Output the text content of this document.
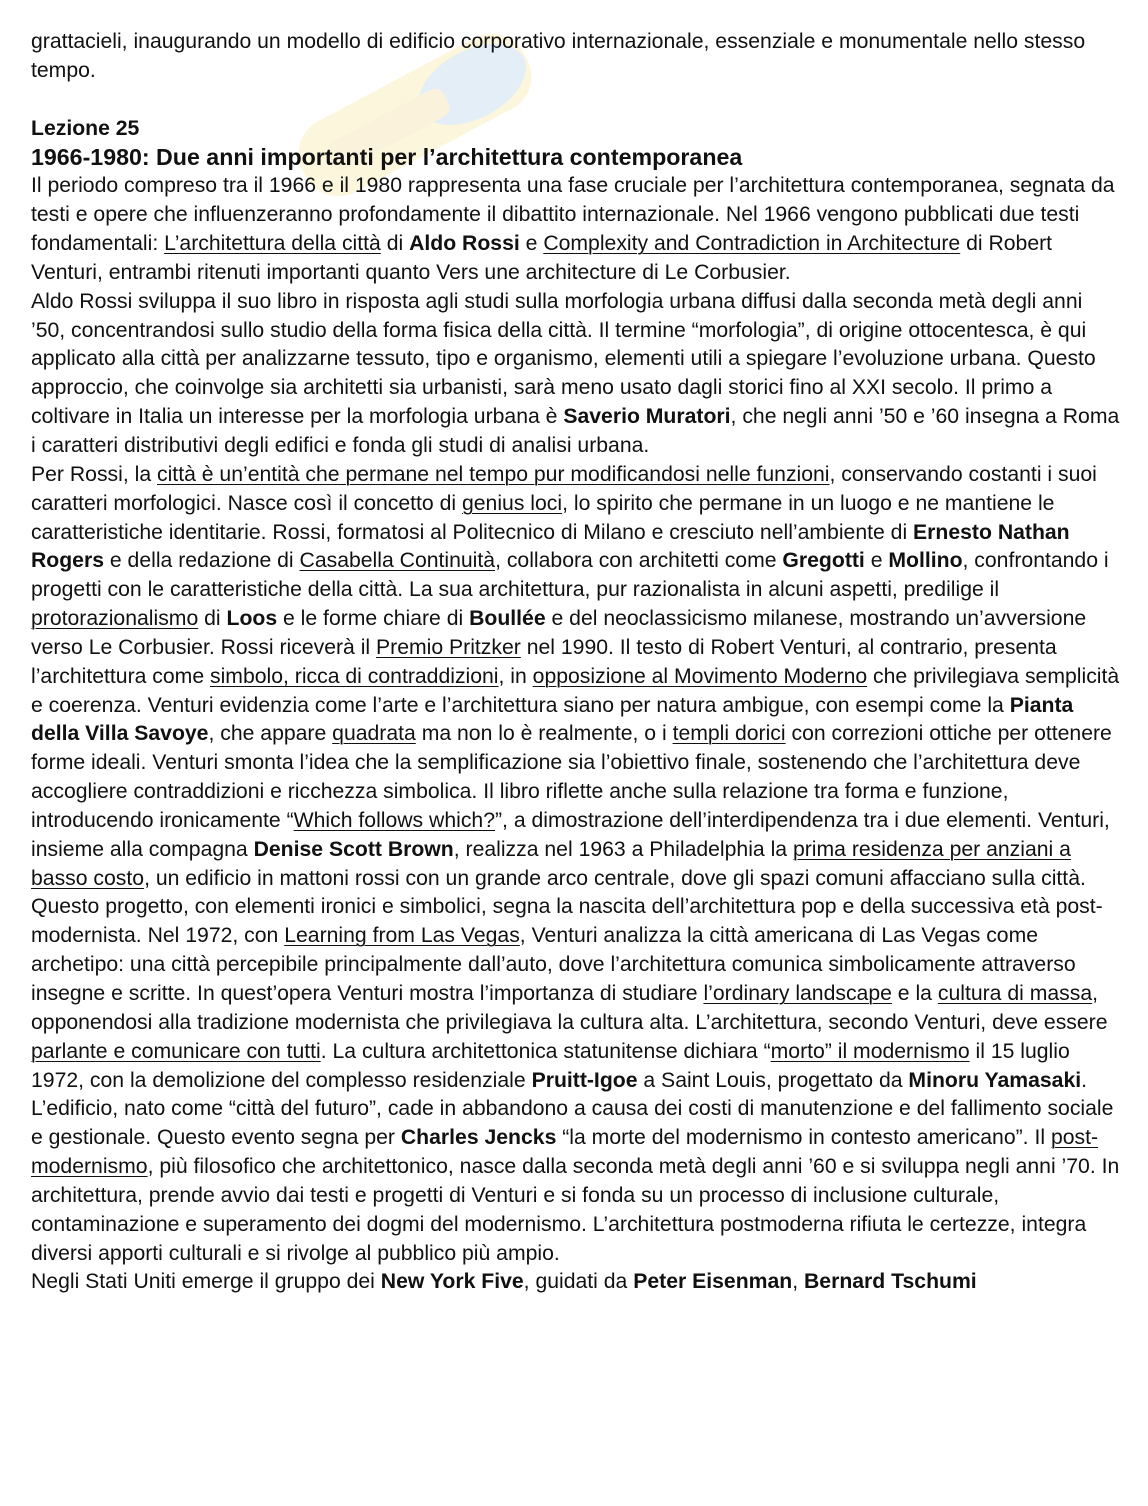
grattacieli, inaugurando un modello di edificio corporativo internazionale, essenziale e monumentale nello stesso tempo.

Lezione 25

1966-1980: Due anni importanti per l’architettura contemporanea

Il periodo compreso tra il 1966 e il 1980 rappresenta una fase cruciale per l’architettura contemporanea, segnata da testi e opere che influenzeranno profondamente il dibattito internazionale. Nel 1966 vengono pubblicati due testi fondamentali: L’architettura della città di Aldo Rossi e Complexity and Contradiction in Architecture di Robert Venturi, entrambi ritenuti importanti quanto Vers une architecture di Le Corbusier.

Aldo Rossi sviluppa il suo libro in risposta agli studi sulla morfologia urbana diffusi dalla seconda metà degli anni ’50, concentrandosi sullo studio della forma fisica della città. Il termine “morfologia”, di origine ottocentesca, è qui applicato alla città per analizzarne tessuto, tipo e organismo, elementi utili a spiegare l’evoluzione urbana. Questo approccio, che coinvolge sia architetti sia urbanisti, sarà meno usato dagli storici fino al XXI secolo. Il primo a coltivare in Italia un interesse per la morfologia urbana è Saverio Muratori, che negli anni ’50 e ’60 insegna a Roma i caratteri distributivi degli edifici e fonda gli studi di analisi urbana.

Per Rossi, la città è un’entità che permane nel tempo pur modificandosi nelle funzioni, conservando costanti i suoi caratteri morfologici. Nasce così il concetto di genius loci, lo spirito che permane in un luogo e ne mantiene le caratteristiche identitarie. Rossi, formatosi al Politecnico di Milano e cresciuto nell’ambiente di Ernesto Nathan Rogers e della redazione di Casabella Continuità, collabora con architetti come Gregotti e Mollino, confrontando i progetti con le caratteristiche della città. La sua architettura, pur razionalista in alcuni aspetti, predilige il protorazionalismo di Loos e le forme chiare di Boullée e del neoclassicismo milanese, mostrando un’avversione verso Le Corbusier. Rossi riceverà il Premio Pritzker nel 1990. Il testo di Robert Venturi, al contrario, presenta l’architettura come simbolo, ricca di contraddizioni, in opposizione al Movimento Moderno che privilegiava semplicità e coerenza. Venturi evidenzia come l’arte e l’architettura siano per natura ambigue, con esempi come la Pianta della Villa Savoye, che appare quadrata ma non lo è realmente, o i templi dorici con correzioni ottiche per ottenere forme ideali. Venturi smonta l’idea che la semplificazione sia l’obiettivo finale, sostenendo che l’architettura deve accogliere contraddizioni e ricchezza simbolica. Il libro riflette anche sulla relazione tra forma e funzione, introducendo ironicamente “Which follows which?”, a dimostrazione dell’interdipendenza tra i due elementi. Venturi, insieme alla compagna Denise Scott Brown, realizza nel 1963 a Philadelphia la prima residenza per anziani a basso costo, un edificio in mattoni rossi con un grande arco centrale, dove gli spazi comuni affacciano sulla città. Questo progetto, con elementi ironici e simbolici, segna la nascita dell’architettura pop e della successiva età post-modernista. Nel 1972, con Learning from Las Vegas, Venturi analizza la città americana di Las Vegas come archetipo: una città percepibile principalmente dall’auto, dove l’architettura comunica simbolicamente attraverso insegne e scritte. In quest’opera Venturi mostra l’importanza di studiare l’ordinary landscape e la cultura di massa, opponendosi alla tradizione modernista che privilegiava la cultura alta. L’architettura, secondo Venturi, deve essere parlante e comunicare con tutti. La cultura architettonica statunitense dichiara “morto” il modernismo il 15 luglio 1972, con la demolizione del complesso residenziale Pruitt-Igoe a Saint Louis, progettato da Minoru Yamasaki. L’edificio, nato come “città del futuro”, cade in abbandono a causa dei costi di manutenzione e del fallimento sociale e gestionale. Questo evento segna per Charles Jencks “la morte del modernismo in contesto americano”. Il post-modernismo, più filosofico che architettonico, nasce dalla seconda metà degli anni ’60 e si sviluppa negli anni ’70. In architettura, prende avvio dai testi e progetti di Venturi e si fonda su un processo di inclusione culturale, contaminazione e superamento dei dogmi del modernismo. L’architettura postmoderna rifiuta le certezze, integra diversi apporti culturali e si rivolge al pubblico più ampio.

Negli Stati Uniti emerge il gruppo dei New York Five, guidati da Peter Eisenman, Bernard Tschumi
